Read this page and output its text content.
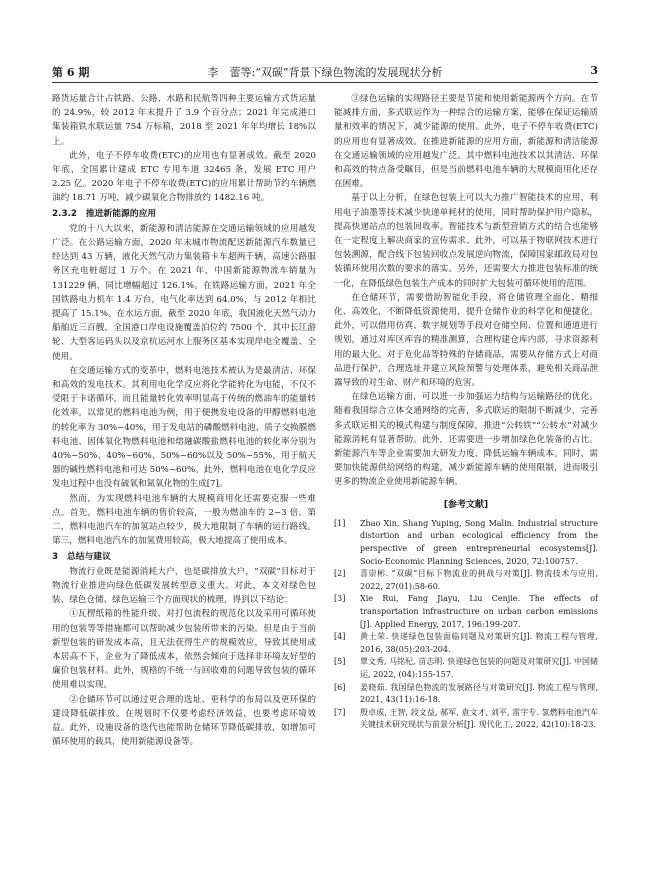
第 6 期	李　蕾等:“双碳”背景下绿色物流的发展现状分析	3

路货运量合计占铁路、公路、水路和民航等四种主要运输方式货运量的 24.9%，较 2012 年末提升了 3.9 个百分点；2021 年完成港口集装箱铁水联运量 754 万标箱，2018 至 2021 年年均增长 18%以上。

此外，电子不停车收费(ETC)的应用也有显著成效。截至 2020 年底，全国累计建成 ETC 专用车道 32465 条，发展 ETC 用户 2.25 亿。2020 年电子不停车收费(ETC)的应用累计帮助节约车辆燃油约 18.71 万吨，减少碳氧化合物排放约 1482.16 吨。

2.3.2　推进新能源的应用

党的十八大以来，新能源和清洁能源在交通运输领域的应用越发广泛。在公路运输方面，2020 年末城市物流配送新能源汽车数量已经达到 43 万辆，液化天然气动力集装箱卡车超两千辆，高速公路服务区充电桩超过 1 万个。在 2021 年，中国新能源物流车销量为 131229 辆，同比增幅超过 126.1%。在铁路运输方面，2021 年全国铁路电力机车 1.4 万台，电气化率达到 64.0%，与 2012 年相比提高了 15.1%。在水运方面，截至 2020 年底，我国液化天然气动力船舶近三百艘，全国港口岸电设施覆盖泊位约 7500 个，其中长江游轮、大型客运码头以及京杭运河水上服务区基本实现岸电全覆盖、全使用。

在交通运输方式的变革中，燃料电池技术被认为是最清洁、环保和高效的发电技术。其利用电化学反应将化学能转化为电能，不仅不受限于卡诺循环，而且能量转化效率明显高于传统的燃油车的能量转化效率。以常见的燃料电池为例，用于便携发电设备的甲醇燃料电池的转化率为 30%~40%，用于发电站的磷酸燃料电池、质子交换膜燃料电池、固体氧化物燃料电池和熔融碳酸盐燃料电池的转化率分别为 40%~50%、40%~60%、50%~60%以及 50%~55%，用于航天器的碱性燃料电池和可达 50%~60%。此外，燃料电池在电化学反应发电过程中也没有硫氧和氮氧化物的生成[7]。

然而，为实现燃料电池车辆的大规模商用化还需要克服一些难点。首先，燃料电池车辆的售价较高，一般为燃油车的 2~3 倍。第二，燃料电池汽车的加氢站点较少，极大地限制了车辆的运行路线。第三，燃料电池汽车的加氢费用较高，极大地提高了使用成本。

3　总结与建议

物流行业既是能源消耗大户，也是碳排放大户，“双碳”目标对于物流行业推进向绿色低碳发展转型意义重大。对此，本文对绿色包装、绿色仓储、绿色运输三个方面现状的梳理，得到以下结论：

①瓦楞纸箱的性能升级、对打包流程的规范化以及采用可循环使用的包装等等措施都可以帮助减少包装所带来的污染。但是由于当前新型包装的研发成本高，且无法获得生产的规模效应，导致其使用成本居高不下，企业为了降低成本，依然会倾向于选择非环境友好型的廉价包装材料。此外，规格的不统一与回收难的问题导致包装的循环使用难以实现。

②仓储环节可以通过更合理的选址、更科学的布局以及更环保的建设降低碳排放。在规划时不仅要考虑经济效益，也要考虑环境效益。此外，设施设备的迭代也能帮助仓储环节降低碳排放，如增加可循环使用的载具，使用新能源设备等。

③绿色运输的实现路径主要是节能和使用新能源两个方向。在节能减排方面，多式联运作为一种综合的运输方案，能够在保证运输质量和效率的情况下，减少能源的使用。此外，电子不停车收费(ETC)的应用也有显著成效。在推进新能源的应用方面，新能源和清洁能源在交通运输领域的应用越发广泛。其中燃料电池技术以其清洁、环保和高效的特点备受瞩目，但是当前燃料电池车辆的大规模商用化还存在困难。

基于以上分析，在绿色包装上可以大力推广智能技术的应用，利用电子油墨等技术减少快递单耗材的使用，同时帮助保护用户隐私，提高快递站点的包装回收率。智能技术与新型营销方式的结合也能够在一定程度上解决商家的宣传需求。此外，可以基于物联网技术进行包装溯源，配合线下包装回收点发展逆向物流，保障国家邮政局对包装循环使用次数的要求的落实。另外，还需要大力推进包装标准的统一化，在降低绿色包装生产成本的同时扩大包装可循环使用的范围。

在仓储环节，需要借助智能化手段，将仓储管理全面化、精细化、高效化，不断降低资源使用，提升仓储作业的科学化和便捷化。此外，可以借用仿真、数字规划等手段对仓储空间、位置和通道进行规划，通过对库区库容的精准测算，合理构建仓库内部，寻求资源利用的最大化。对于危化品等特殊的存储商品，需要从存储方式上对商品进行保护，合理选址并建立风险预警与处理体系，避免相关商品泄露导致的对生命、财产和环境的危害。

在绿色运输方面，可以进一步加强运力结构与运输路径的优化。随着我国综合立体交通网络的完善，多式联运的限制不断减少，完善多式联运相关的模式构建与制度保障，推进“公转铁”“公转水”对减少能源消耗有显著帮助。此外，还需要进一步增加绿色化装备的占比。新能源汽车等企业需要加大研发力度，降低运输车辆成本。同时，需要加快能源供给网络的构建，减少新能源车辆的使用限制，进而吸引更多的物流企业使用新能源车辆。

[参考文献]
[1] Zhao Xin, Shang Yuping, Song Malin. Industrial structure distortion and urban ecological efficiency from the perspective of green entrepreneurial ecosystems[J]. Socio-Economic Planning Sciences, 2020, 72:100757.
[2] 喜崇彬. “双碳”目标下物流业的挑战与对策[J]. 物流技术与应用, 2022, 27(01):58-60.
[3] Xie Rui, Fang Jiayu, Liu Cenjie. The effects of transportation infrastructure on urban carbon emissions [J]. Applied Energy, 2017, 196:199-207.
[4] 黄土荣. 快递绿色包装面临问题及对策研究[J]. 物流工程与管理, 2016, 38(05):203-204.
[5] 覃文秀, 马铭杞, 苗志明. 快递绿色包装的问题及对策研究[J]. 中国储运, 2022, (04):155-157.
[6] 姜晓茹. 我国绿色物流的发展路径与对策研究[J]. 物流工程与管理, 2021, 43(11):16-18.
[7] 殷卓成, 王智, 段文益, 郝军, 袁文才, 刘平, 雷宇专. 氢燃料电池汽车关键技术研究现状与前景分析[J]. 现代化工, 2022, 42(10):18-23.
